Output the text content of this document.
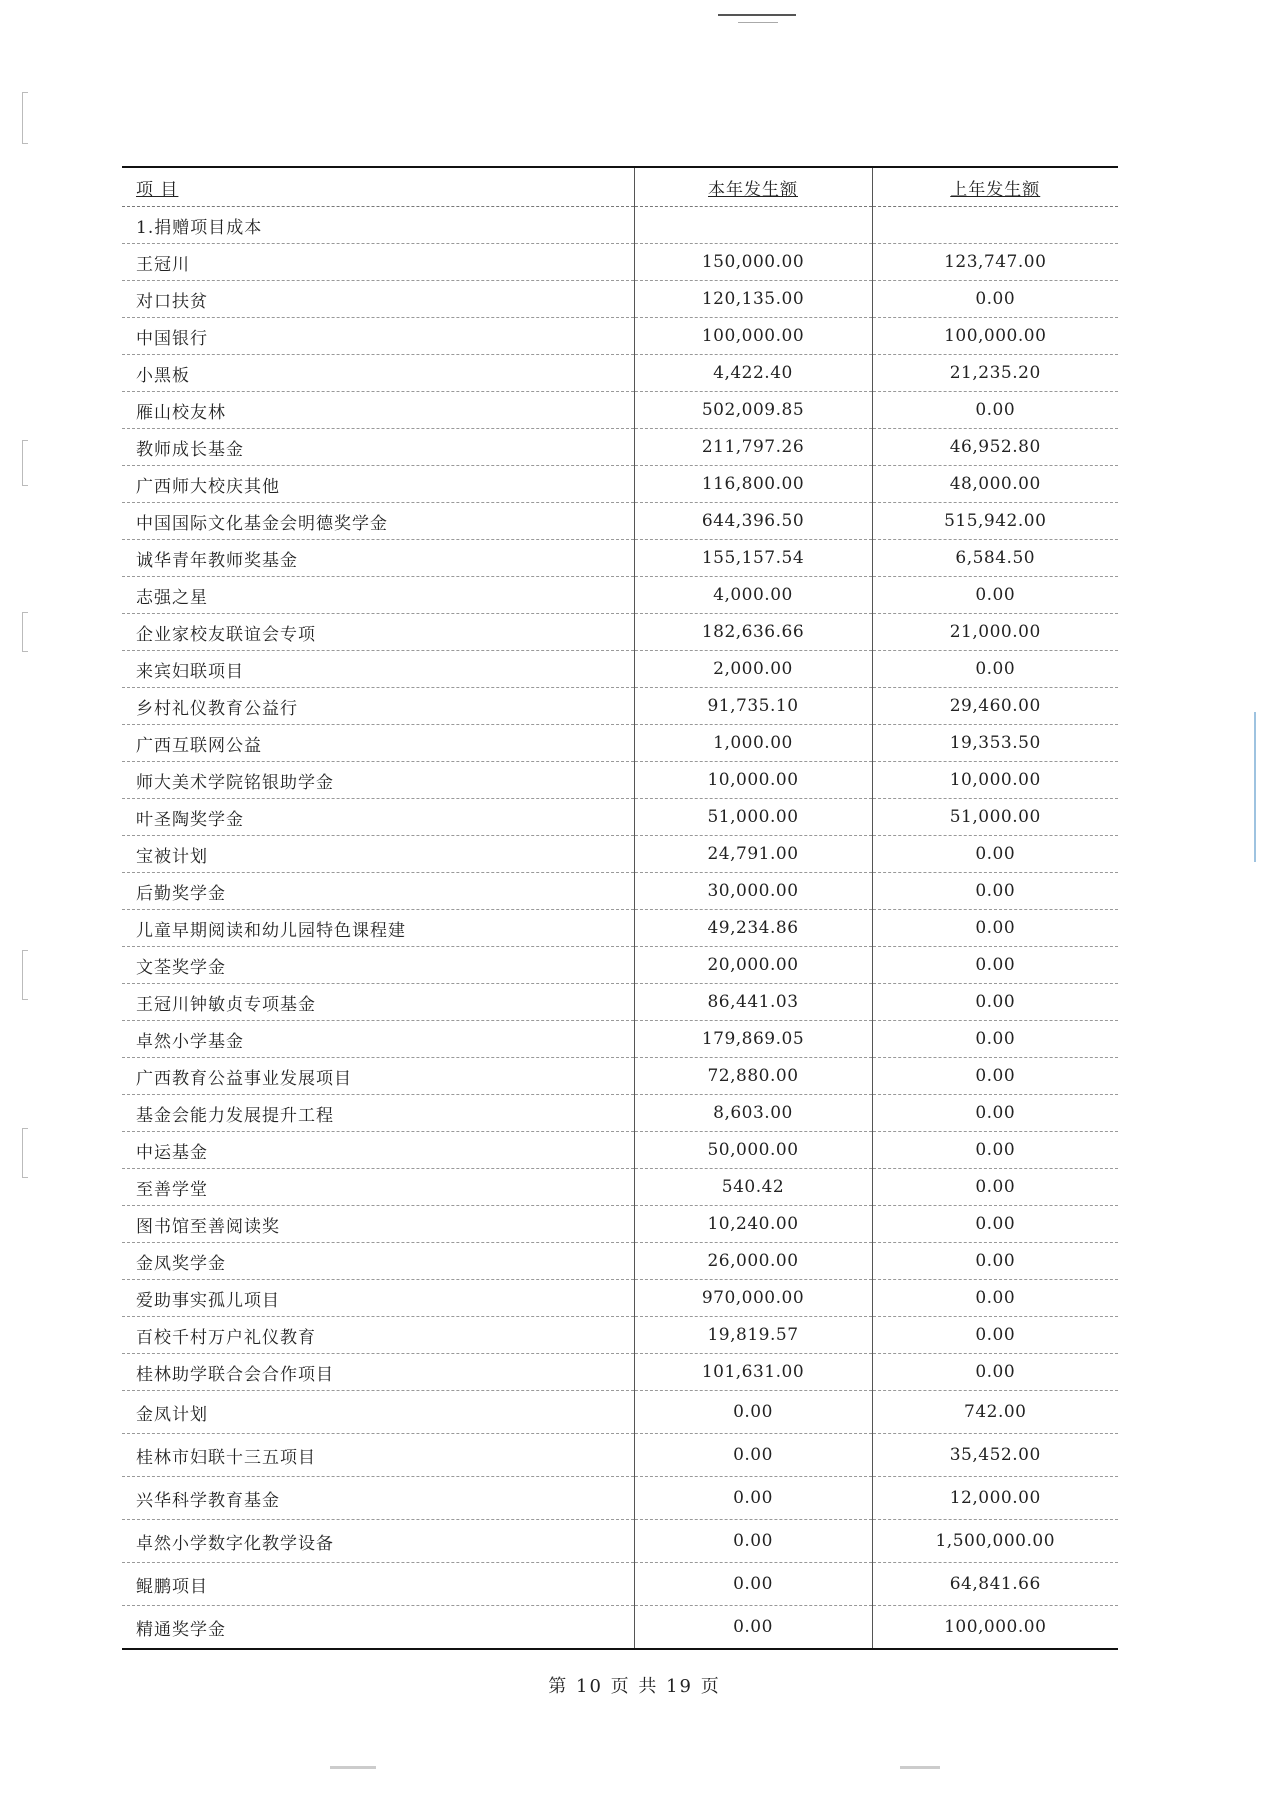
项 目	本年发生额	上年发生额
1.捐赠项目成本		
王冠川	150,000.00	123,747.00
对口扶贫	120,135.00	0.00
中国银行	100,000.00	100,000.00
小黑板	4,422.40	21,235.20
雁山校友林	502,009.85	0.00
教师成长基金	211,797.26	46,952.80
广西师大校庆其他	116,800.00	48,000.00
中国国际文化基金会明德奖学金	644,396.50	515,942.00
诚华青年教师奖基金	155,157.54	6,584.50
志强之星	4,000.00	0.00
企业家校友联谊会专项	182,636.66	21,000.00
来宾妇联项目	2,000.00	0.00
乡村礼仪教育公益行	91,735.10	29,460.00
广西互联网公益	1,000.00	19,353.50
师大美术学院铭银助学金	10,000.00	10,000.00
叶圣陶奖学金	51,000.00	51,000.00
宝被计划	24,791.00	0.00
后勤奖学金	30,000.00	0.00
儿童早期阅读和幼儿园特色课程建	49,234.86	0.00
文荃奖学金	20,000.00	0.00
王冠川钟敏贞专项基金	86,441.03	0.00
卓然小学基金	179,869.05	0.00
广西教育公益事业发展项目	72,880.00	0.00
基金会能力发展提升工程	8,603.00	0.00
中运基金	50,000.00	0.00
至善学堂	540.42	0.00
图书馆至善阅读奖	10,240.00	0.00
金凤奖学金	26,000.00	0.00
爱助事实孤儿项目	970,000.00	0.00
百校千村万户礼仪教育	19,819.57	0.00
桂林助学联合会合作项目	101,631.00	0.00
金凤计划	0.00	742.00
桂林市妇联十三五项目	0.00	35,452.00
兴华科学教育基金	0.00	12,000.00
卓然小学数字化教学设备	0.00	1,500,000.00
鲲鹏项目	0.00	64,841.66
精通奖学金	0.00	100,000.00
第 10 页 共 19 页
